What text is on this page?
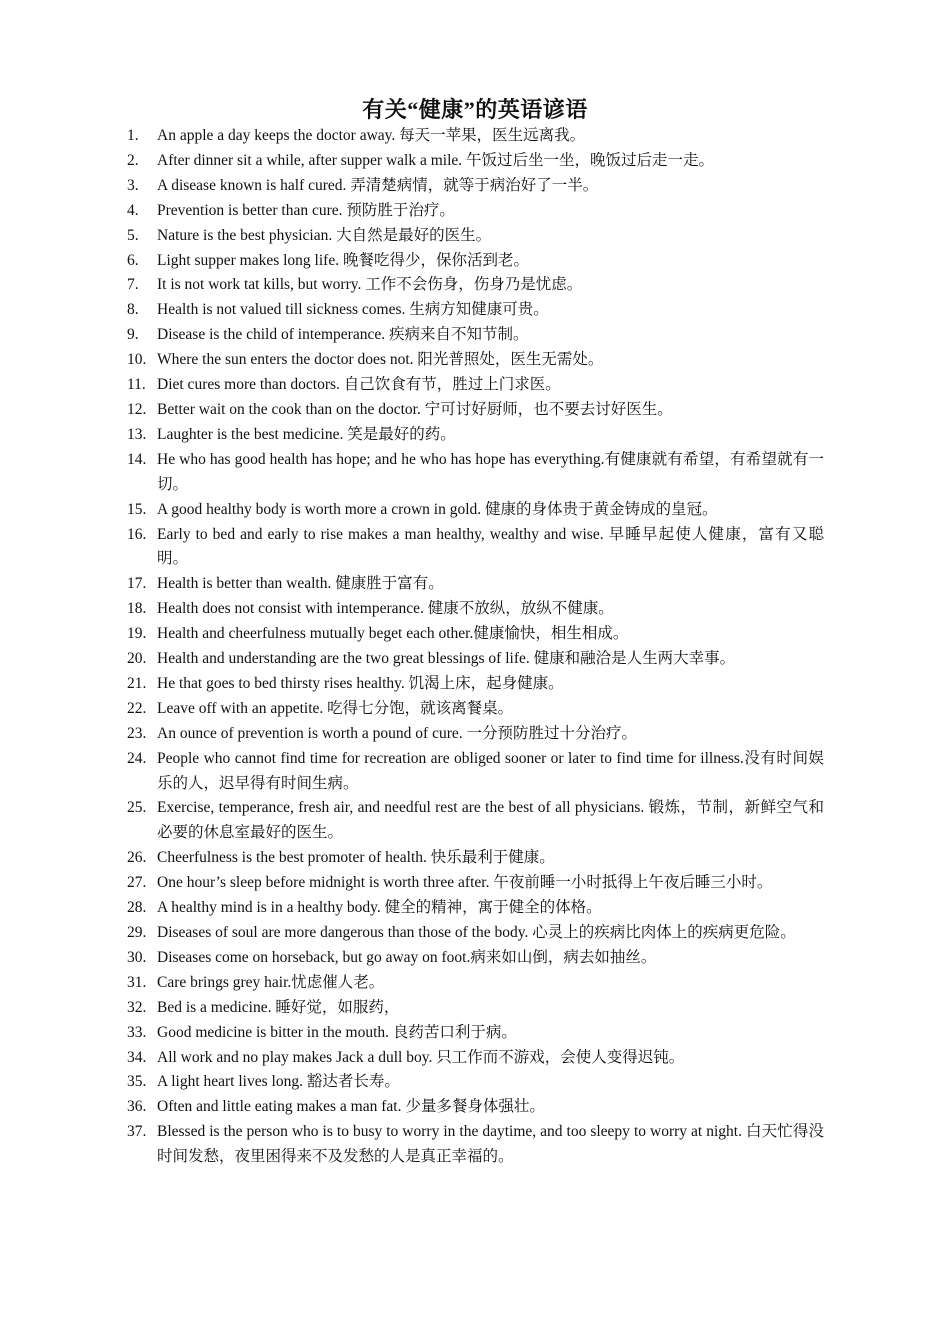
有关“健康”的英语谚语
1.	An apple a day keeps the doctor away. 每天一苹果，医生远离我。
2.	After dinner sit a while, after supper walk a mile. 午饭过后坐一坐，晚饭过后走一走。
3.	A disease known is half cured. 弄清楚病情，就等于病治好了一半。
4.	Prevention is better than cure. 预防胜于治疗。
5.	Nature is the best physician. 大自然是最好的医生。
6.	Light supper makes long life. 晚餐吃得少，保你活到老。
7.	It is not work tat kills, but worry. 工作不会伤身，伤身乃是忧虑。
8.	Health is not valued till sickness comes. 生病方知健康可贵。
9.	Disease is the child of intemperance. 疾病来自不知节制。
10. Where the sun enters the doctor does not. 阳光普照处，医生无需处。
11. Diet cures more than doctors. 自己饮食有节，胜过上门求医。
12. Better wait on the cook than on the doctor. 宁可讨好厨师，也不要去讨好医生。
13. Laughter is the best medicine. 笑是最好的药。
14. He who has good health has hope; and he who has hope has everything.有健康就有希望，有希望就有一切。
15. A good healthy body is worth more a crown in gold. 健康的身体贵于黄金铸成的皇冠。
16. Early to bed and early to rise makes a man healthy, wealthy and wise. 早睡早起使人健康，富有又聪明。
17. Health is better than wealth. 健康胜于富有。
18. Health does not consist with intemperance. 健康不放纵，放纵不健康。
19. Health and cheerfulness mutually beget each other.健康愉快，相生相成。
20. Health and understanding are the two great blessings of life. 健康和融洽是人生两大幸事。
21. He that goes to bed thirsty rises healthy. 饥渴上床，起身健康。
22. Leave off with an appetite. 吃得七分饱，就该离餐桌。
23. An ounce of prevention is worth a pound of cure. 一分预防胜过十分治疗。
24. People who cannot find time for recreation are obliged sooner or later to find time for illness.没有时间娱乐的人，迟早得有时间生病。
25. Exercise, temperance, fresh air, and needful rest are the best of all physicians. 锻炼，节制，新鲜空气和必要的休息室最好的医生。
26. Cheerfulness is the best promoter of health. 快乐最利于健康。
27. One hour’s sleep before midnight is worth three after. 午夜前睡一小时抵得上午夜后睡三小时。
28. A healthy mind is in a healthy body. 健全的精神，寓于健全的体格。
29. Diseases of soul are more dangerous than those of the body. 心灵上的疾病比肉体上的疾病更危险。
30. Diseases come on horseback, but go away on foot.病来如山倒，病去如抽丝。
31. Care brings grey hair.忧虑催人老。
32. Bed is a medicine. 睡好觉，如服药，
33. Good medicine is bitter in the mouth. 良药苦口利于病。
34. All work and no play makes Jack a dull boy. 只工作而不游戏，会使人变得迟钝。
35. A light heart lives long. 豁达者长寿。
36. Often and little eating makes a man fat. 少量多餐身体强壮。
37. Blessed is the person who is to busy to worry in the daytime, and too sleepy to worry at night. 白天忙得没时间发愁，夜里困得来不及发愁的人是真正幸福的。
